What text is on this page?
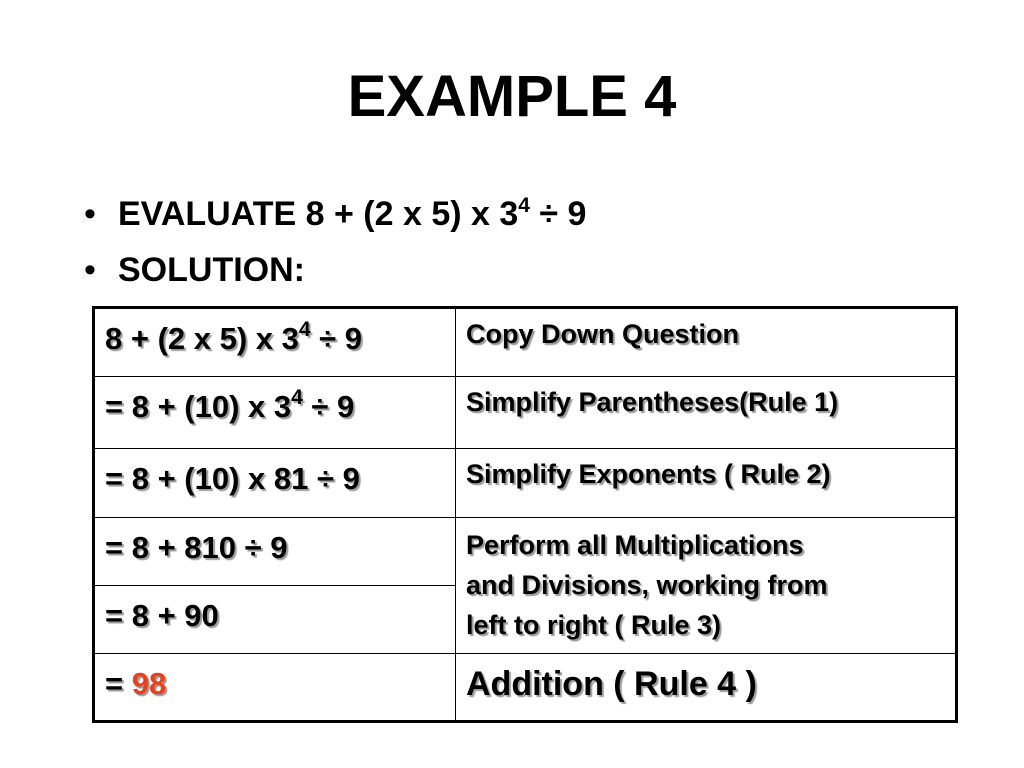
EXAMPLE 4
• EVALUATE 8 + (2 x 5) x $3^4 \div 9$
• SOLUTION:
8 + (2 x 5) x $3^4 \div 9$	Copy Down Question
= 8 + (10) x $3^4 \div 9$	Simplify Parentheses(Rule 1)
= 8 + (10) x 81 ÷ 9	Simplify Exponents ( Rule 2)
= 8 + 810 ÷ 9	Perform all Multiplications
and Divisions, working from
left to right ( Rule 3)

= 8 + 90	
= 98	Addition ( Rule 4 )
